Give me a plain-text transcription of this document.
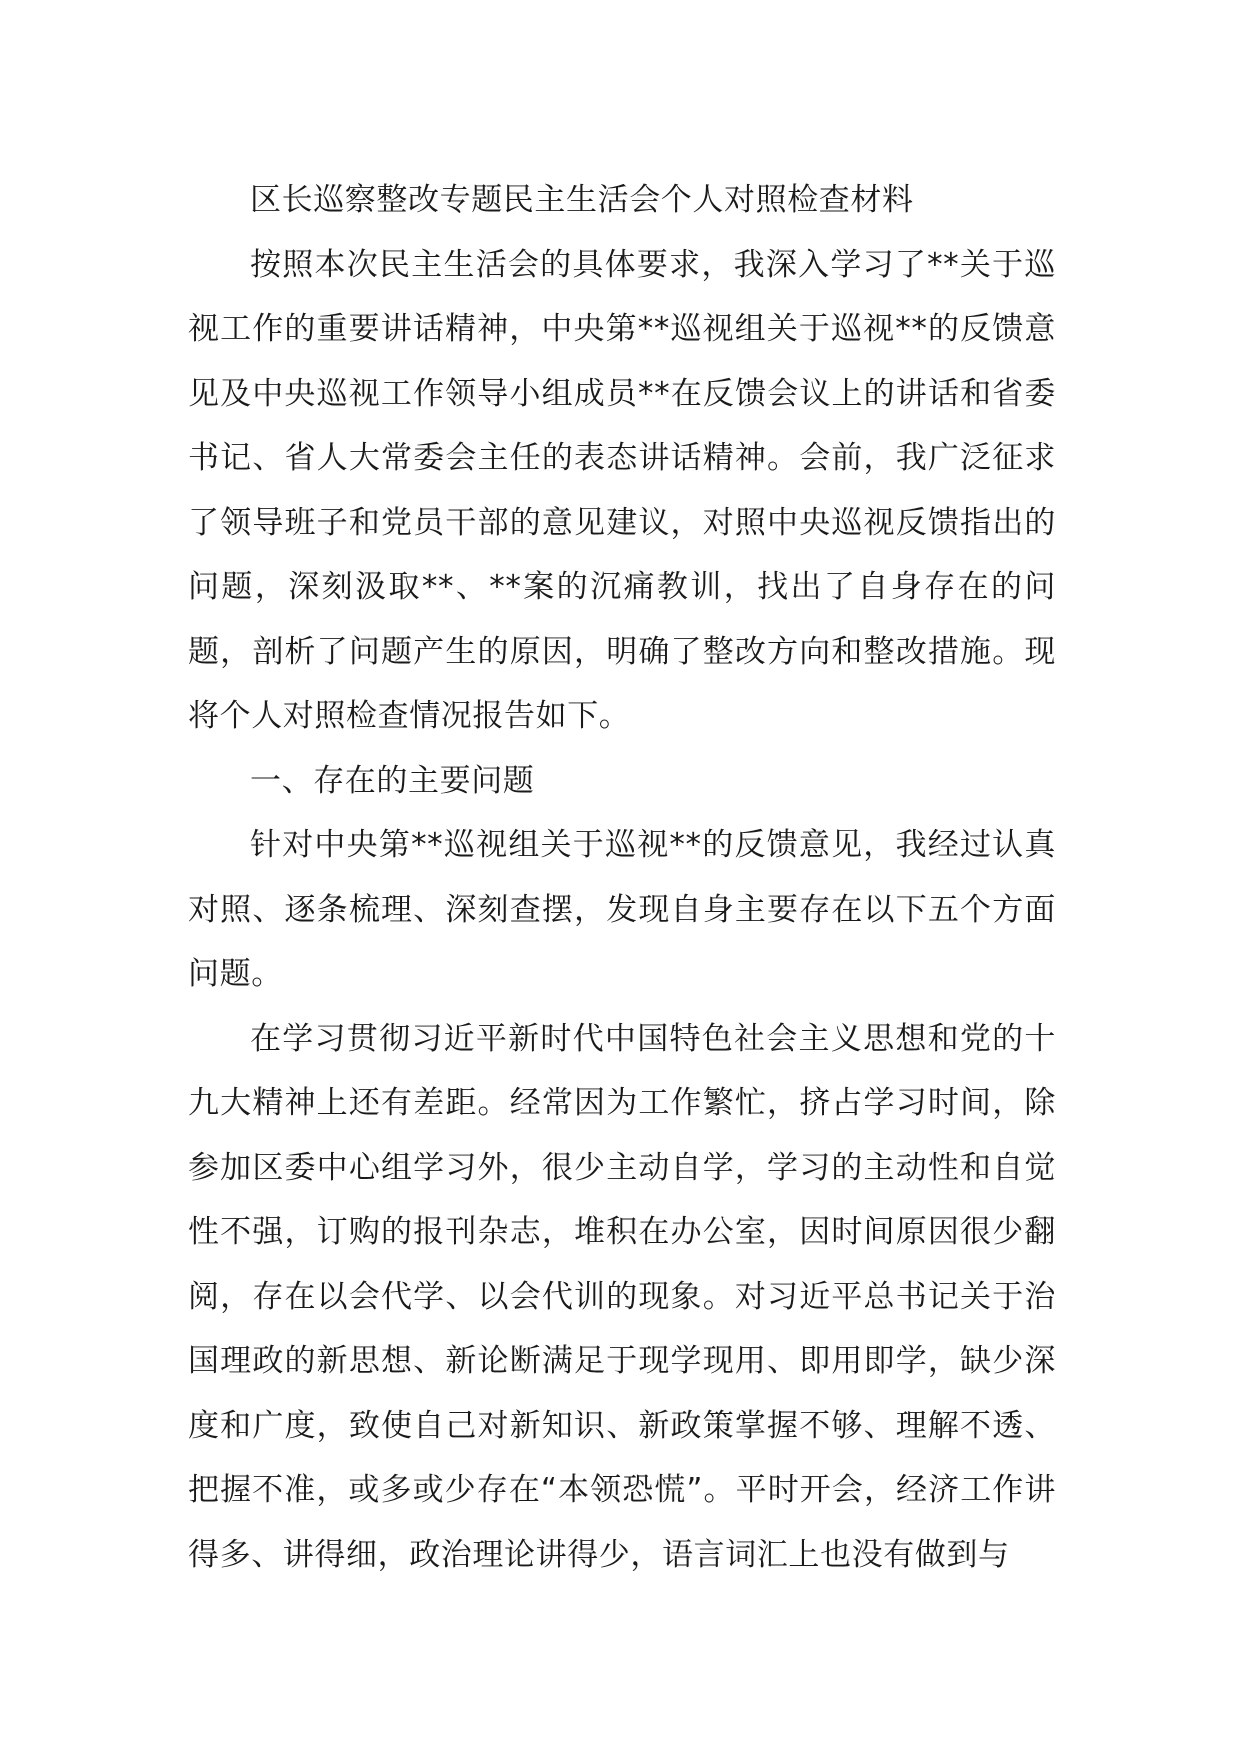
区长巡察整改专题民主生活会个人对照检查材料

按照本次民主生活会的具体要求，我深入学习了**关于巡视工作的重要讲话精神，中央第**巡视组关于巡视**的反馈意见及中央巡视工作领导小组成员**在反馈会议上的讲话和省委书记、省人大常委会主任的表态讲话精神。会前，我广泛征求了领导班子和党员干部的意见建议，对照中央巡视反馈指出的问题，深刻汲取**、**案的沉痛教训，找出了自身存在的问题，剖析了问题产生的原因，明确了整改方向和整改措施。现将个人对照检查情况报告如下。

一、存在的主要问题

针对中央第**巡视组关于巡视**的反馈意见，我经过认真对照、逐条梳理、深刻查摆，发现自身主要存在以下五个方面问题。

在学习贯彻习近平新时代中国特色社会主义思想和党的十九大精神上还有差距。经常因为工作繁忙，挤占学习时间，除参加区委中心组学习外，很少主动自学，学习的主动性和自觉性不强，订购的报刊杂志，堆积在办公室，因时间原因很少翻阅，存在以会代学、以会代训的现象。对习近平总书记关于治国理政的新思想、新论断满足于现学现用、即用即学，缺少深度和广度，致使自己对新知识、新政策掌握不够、理解不透、把握不准，或多或少存在“本领恐慌”。平时开会，经济工作讲得多、讲得细，政治理论讲得少，语言词汇上也没有做到与
